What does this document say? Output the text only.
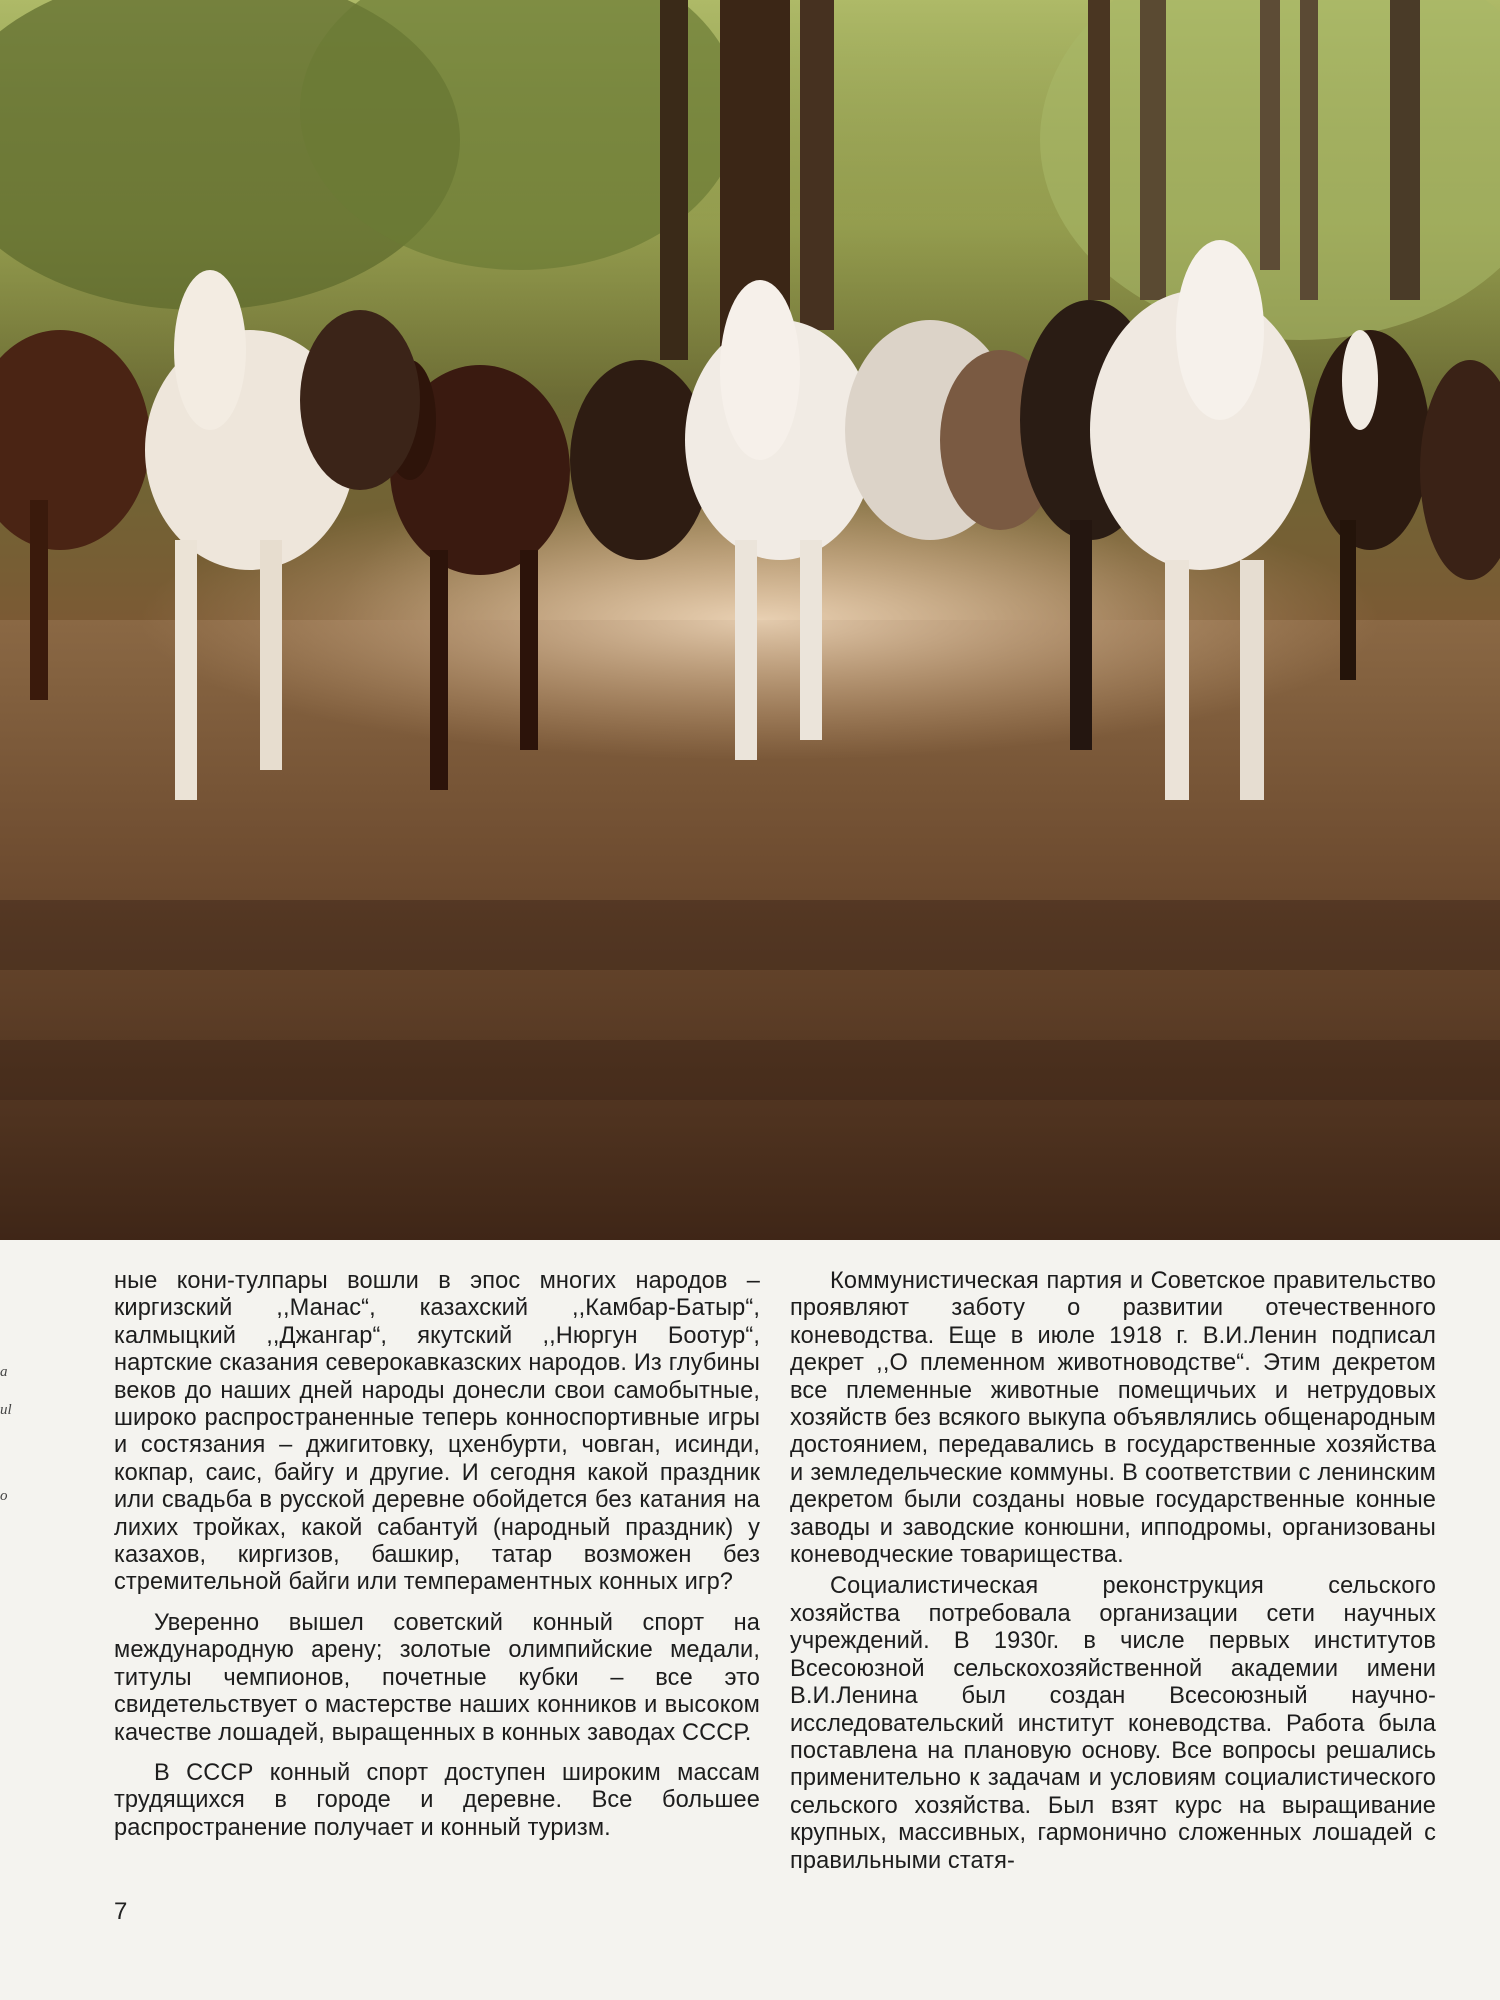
a
ul
o

ные кони-тулпары вошли в эпос многих народов – киргизский ,,Манас“, казахский ,,Камбар-Батыр“, калмыцкий ,,Джангар“, якутский ,,Нюргун Боотур“, нартские сказания северокавказских народов. Из глубины веков до наших дней народы донесли свои самобытные, широко распространенные теперь конноспортивные игры и состязания – джигитовку, цхенбурти, човган, исинди, кокпар, саис, байгу и другие. И сегодня какой праздник или свадьба в русской деревне обойдется без катания на лихих тройках, какой сабантуй (народный праздник) у казахов, киргизов, башкир, татар возможен без стремительной байги или темпераментных конных игр?

Уверенно вышел советский конный спорт на международную арену; золотые олимпийские медали, титулы чемпионов, почетные кубки – все это свидетельствует о мастерстве наших конников и высоком качестве лошадей, выращенных в конных заводах СССР.

В СССР конный спорт доступен широким массам трудящихся в городе и деревне. Все большее распространение получает и конный туризм.

Коммунистическая партия и Советское правительство проявляют заботу о развитии отечественного коневодства. Еще в июле 1918 г. В.И.Ленин подписал декрет ,,О племенном животноводстве“. Этим декретом все племенные животные помещичьих и нетрудовых хозяйств без всякого выкупа объявлялись общенародным достоянием, передавались в государственные хозяйства и земледельческие коммуны. В соответствии с ленинским декретом были созданы новые государственные конные заводы и заводские конюшни, ипподромы, организованы коневодческие товарищества.

Социалистическая реконструкция сельского хозяйства потребовала организации сети научных учреждений. В 1930г. в числе первых институтов Всесоюзной сельскохозяйственной академии имени В.И.Ленина был создан Всесоюзный научно-исследовательский институт коневодства. Работа была поставлена на плановую основу. Все вопросы решались применительно к задачам и условиям социалистического сельского хозяйства. Был взят курс на выращивание крупных, массивных, гармонично сложенных лошадей с правильными статя-

7
